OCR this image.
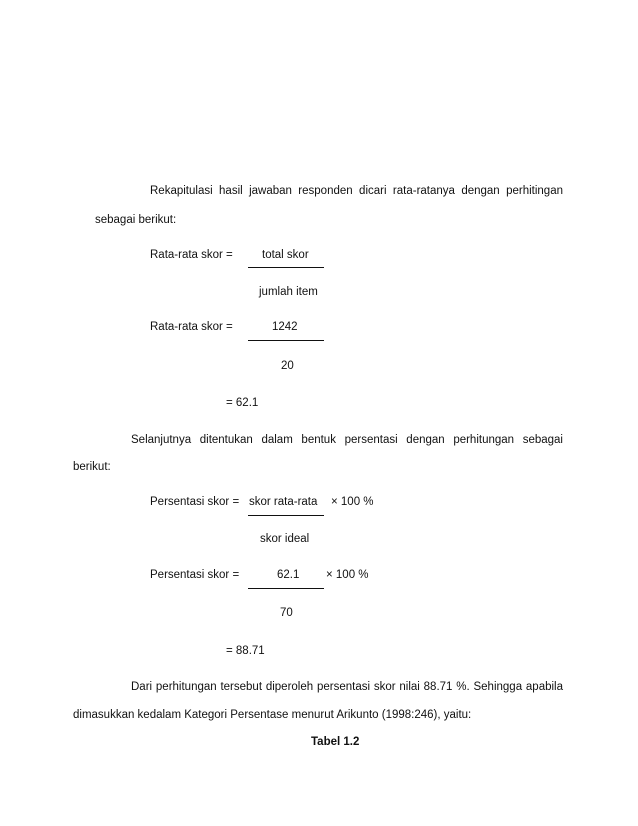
Rekapitulasi hasil jawaban responden dicari rata-ratanya dengan perhitingan
sebagai berikut:
Rata-rata skor =	total skor
jumlah item
Rata-rata skor =	1242
20
= 62.1
Selanjutnya ditentukan dalam bentuk persentasi dengan perhitungan sebagai
berikut:
Persentasi skor = skor rata-rata × 100 %
skor ideal
Persentasi skor =	62.1 × 100 %
70
= 88.71
Dari perhitungan tersebut diperoleh persentasi skor nilai 88.71 %. Sehingga apabila
dimasukkan kedalam Kategori Persentase menurut Arikunto (1998:246), yaitu:
Tabel 1.2
